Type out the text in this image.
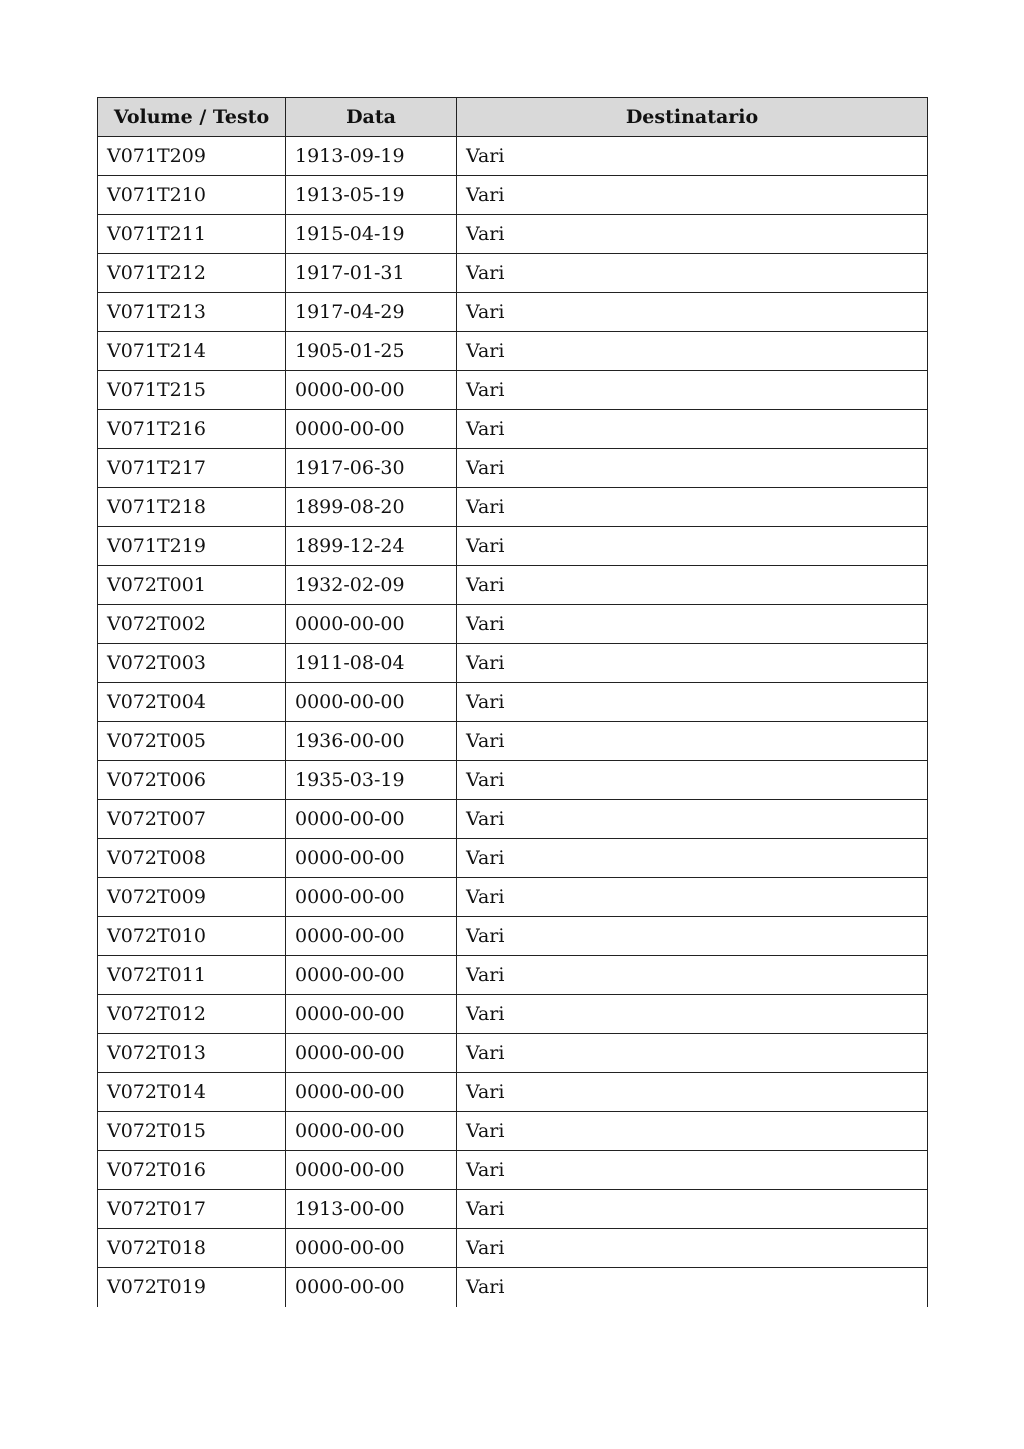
Volume / Testo	Data	Destinatario
V071T209	1913-09-19	Vari
V071T210	1913-05-19	Vari
V071T211	1915-04-19	Vari
V071T212	1917-01-31	Vari
V071T213	1917-04-29	Vari
V071T214	1905-01-25	Vari
V071T215	0000-00-00	Vari
V071T216	0000-00-00	Vari
V071T217	1917-06-30	Vari
V071T218	1899-08-20	Vari
V071T219	1899-12-24	Vari
V072T001	1932-02-09	Vari
V072T002	0000-00-00	Vari
V072T003	1911-08-04	Vari
V072T004	0000-00-00	Vari
V072T005	1936-00-00	Vari
V072T006	1935-03-19	Vari
V072T007	0000-00-00	Vari
V072T008	0000-00-00	Vari
V072T009	0000-00-00	Vari
V072T010	0000-00-00	Vari
V072T011	0000-00-00	Vari
V072T012	0000-00-00	Vari
V072T013	0000-00-00	Vari
V072T014	0000-00-00	Vari
V072T015	0000-00-00	Vari
V072T016	0000-00-00	Vari
V072T017	1913-00-00	Vari
V072T018	0000-00-00	Vari
V072T019	0000-00-00	Vari
